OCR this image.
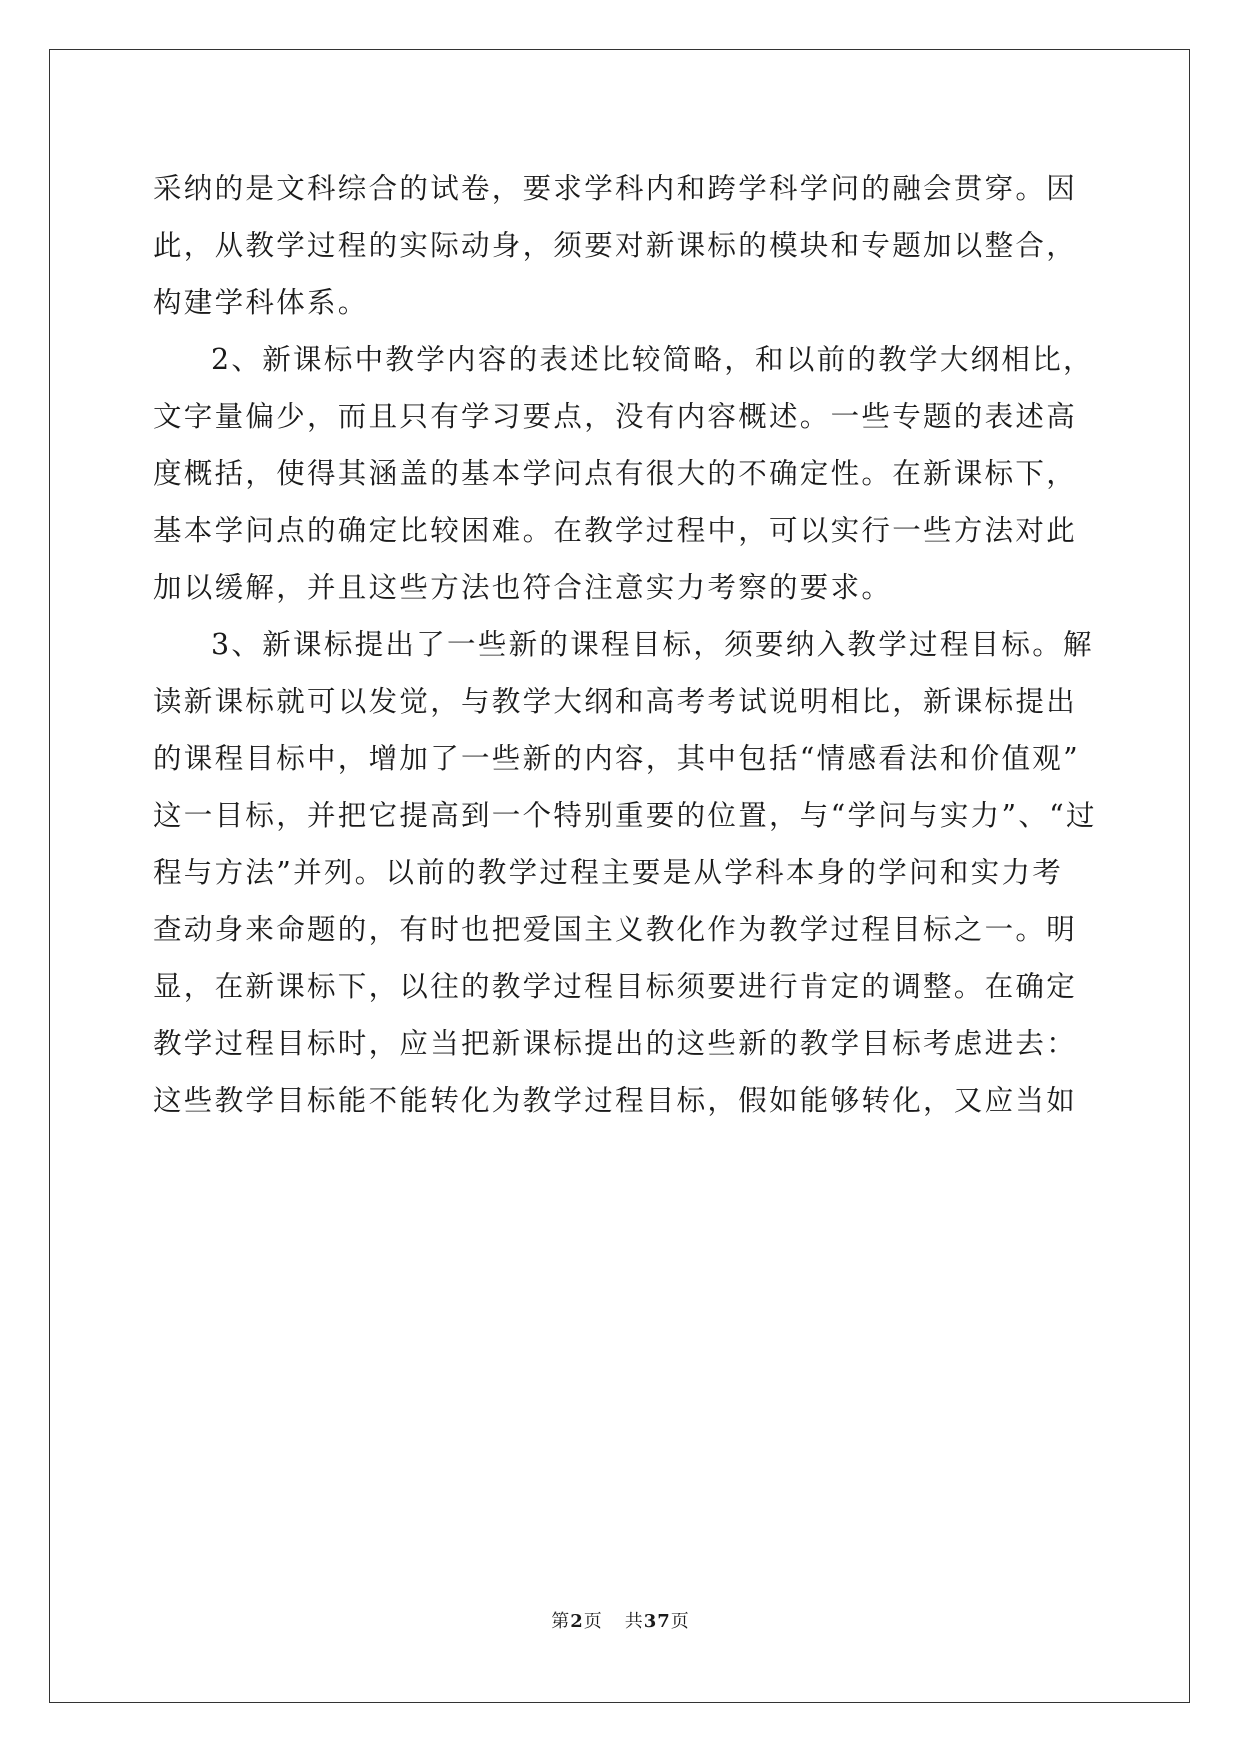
采纳的是文科综合的试卷，要求学科内和跨学科学问的融会贯穿。因
此，从教学过程的实际动身，须要对新课标的模块和专题加以整合，
构建学科体系。
2、新课标中教学内容的表述比较简略，和以前的教学大纲相比，
文字量偏少，而且只有学习要点，没有内容概述。一些专题的表述高
度概括，使得其涵盖的基本学问点有很大的不确定性。在新课标下，
基本学问点的确定比较困难。在教学过程中，可以实行一些方法对此
加以缓解，并且这些方法也符合注意实力考察的要求。
3、新课标提出了一些新的课程目标，须要纳入教学过程目标。解
读新课标就可以发觉，与教学大纲和高考考试说明相比，新课标提出
的课程目标中，增加了一些新的内容，其中包括“情感看法和价值观”
这一目标，并把它提高到一个特别重要的位置，与“学问与实力”、“过
程与方法”并列。以前的教学过程主要是从学科本身的学问和实力考
查动身来命题的，有时也把爱国主义教化作为教学过程目标之一。明
显，在新课标下，以往的教学过程目标须要进行肯定的调整。在确定
教学过程目标时，应当把新课标提出的这些新的教学目标考虑进去：
这些教学目标能不能转化为教学过程目标，假如能够转化，又应当如
第2页 共37页
